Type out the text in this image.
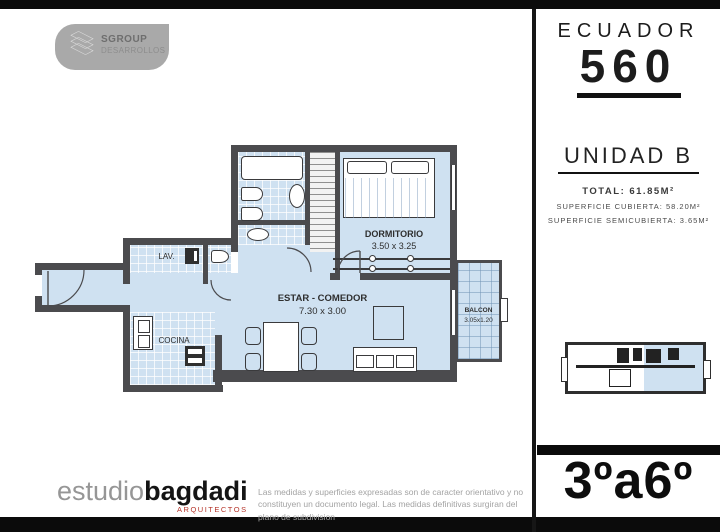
SGROUP
DESARROLLOS
ECUADOR
560
UNIDAD B
TOTAL: 61.85M²
SUPERFICIE CUBIERTA: 58.20M²
SUPERFICIE SEMICUBIERTA: 3.65M²
3ºa6º
estudiobagdadi
ARQUITECTOS
Las medidas y superficies expresadas son de caracter orientativo y no constituyen un documento legal. Las medidas definitivas surgiran del plano de subdivision
BALCON
3.05x1.20
DORMITORIO
3.50 x 3.25
ESTAR - COMEDOR
7.30 x 3.00
LAV.
COCINA
